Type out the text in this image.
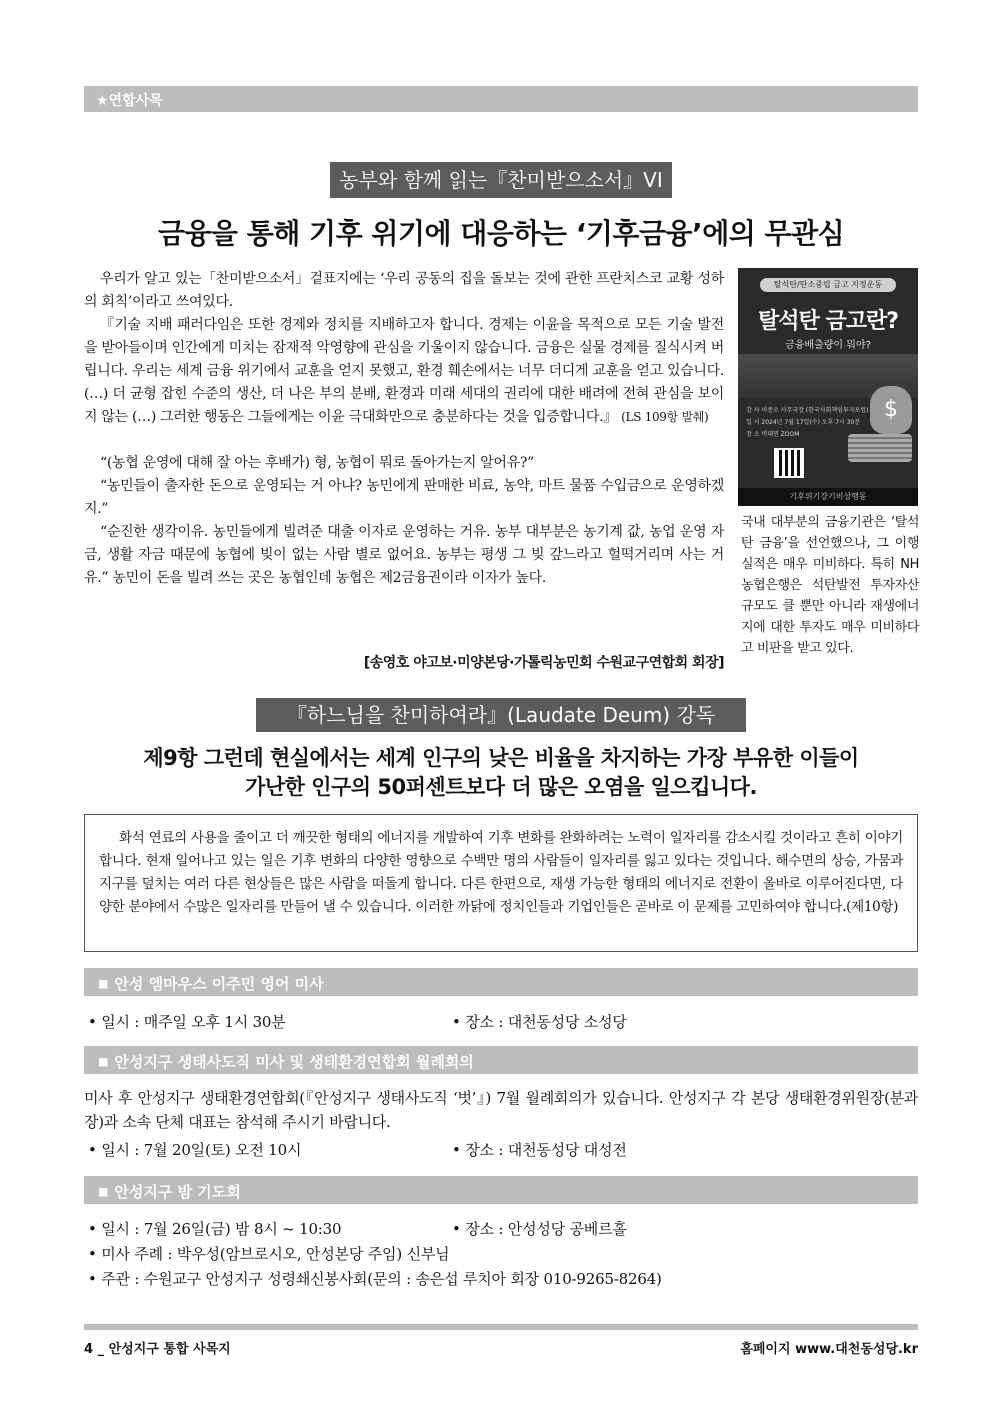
★연합사목
농부와 함께 읽는『찬미받으소서』VI
금융을 통해 기후 위기에 대응하는 ‘기후금융’에의 무관심

우리가 알고 있는「찬미받으소서」겉표지에는 ‘우리 공동의 집을 돌보는 것에 관한 프란치스코 교황 성하의 회칙’이라고 쓰여있다.

『기술 지배 패러다임은 또한 경제와 정치를 지배하고자 합니다. 경제는 이윤을 목적으로 모든 기술 발전을 받아들이며 인간에게 미치는 잠재적 악영향에 관심을 기울이지 않습니다. 금융은 실물 경제를 질식시켜 버립니다. 우리는 세계 금융 위기에서 교훈을 얻지 못했고, 환경 훼손에서는 너무 더디게 교훈을 얻고 있습니다. (…) 더 균형 잡힌 수준의 생산, 더 나은 부의 분배, 환경과 미래 세대의 권리에 대한 배려에 전혀 관심을 보이지 않는 (…) 그러한 행동은 그들에게는 이윤 극대화만으로 충분하다는 것을 입증합니다.』 (LS 109항 발췌)

“(농협 운영에 대해 잘 아는 후배가) 형, 농협이 뭐로 돌아가는지 알어유?”

“농민들이 출자한 돈으로 운영되는 거 아냐? 농민에게 판매한 비료, 농약, 마트 물품 수입금으로 운영하겠지.”

“순진한 생각이유. 농민들에게 빌려준 대출 이자로 운영하는 거유. 농부 대부분은 농기계 값, 농업 운영 자금, 생활 자금 때문에 농협에 빚이 없는 사람 별로 없어요. 농부는 평생 그 빚 갚느라고 헐떡거리며 사는 거유.” 농민이 돈을 빌려 쓰는 곳은 농협인데 농협은 제2금융권이라 이자가 높다.

[송영호 야고보·미양본당·가톨릭농민회 수원교구연합회 회장]
탈석탄/탄소중립 금고 지정운동
탈석탄 금고란?
금융배출량이 뭐야?
강 사 이종오 사무국장 (한국사회책임투자포럼)
일 시 2024년 7월 17일(수) 오후 7시 30분
장 소 비대면 ZOOM
$
기후위기강기비상행동
국내 대부분의 금융기관은 ‘탈석탄 금융’을 선언했으나, 그 이행실적은 매우 미비하다. 특히 NH농협은행은 석탄발전 투자자산 규모도 클 뿐만 아니라 재생에너지에 대한 투자도 매우 미비하다고 비판을 받고 있다.
『하느님을 찬미하여라』(Laudate Deum) 강독
제9항 그런데 현실에서는 세계 인구의 낮은 비율을 차지하는 가장 부유한 이들이
가난한 인구의 50퍼센트보다 더 많은 오염을 일으킵니다.

화석 연료의 사용을 줄이고 더 깨끗한 형태의 에너지를 개발하여 기후 변화를 완화하려는 노력이 일자리를 감소시킬 것이라고 흔히 이야기합니다. 현재 일어나고 있는 일은 기후 변화의 다양한 영향으로 수백만 명의 사람들이 일자리를 잃고 있다는 것입니다. 해수면의 상승, 가뭄과 지구를 덮치는 여러 다른 현상들은 많은 사람을 떠돌게 합니다. 다른 한편으로, 재생 가능한 형태의 에너지로 전환이 올바로 이루어진다면, 다양한 분야에서 수많은 일자리를 만들어 낼 수 있습니다. 이러한 까닭에 정치인들과 기업인들은 곧바로 이 문제를 고민하여야 합니다.(제10항)

■ 안성 엠마우스 이주민 영어 미사
• 일시 : 매주일 오후 1시 30분	• 장소 : 대천동성당 소성당
■ 안성지구 생태사도직 미사 및 생태환경연합회 월례회의
미사 후 안성지구 생태환경연합회(『안성지구 생태사도직 ‘벗’』) 7월 월례회의가 있습니다. 안성지구 각 본당 생태환경위원장(분과장)과 소속 단체 대표는 참석해 주시기 바랍니다.
• 일시 : 7월 20일(토) 오전 10시	• 장소 : 대천동성당 대성전
■ 안성지구 밤 기도회
• 일시 : 7월 26일(금) 밤 8시 ~ 10:30	• 장소 : 안성성당 공베르홀
• 미사 주례 : 박우성(암브로시오, 안성본당 주임) 신부님
• 주관 : 수원교구 안성지구 성령쇄신봉사회(문의 : 송은섭 루치아 회장 010-9265-8264)
4 _ 안성지구 통합 사목지	홈페이지 www.대천동성당.kr
